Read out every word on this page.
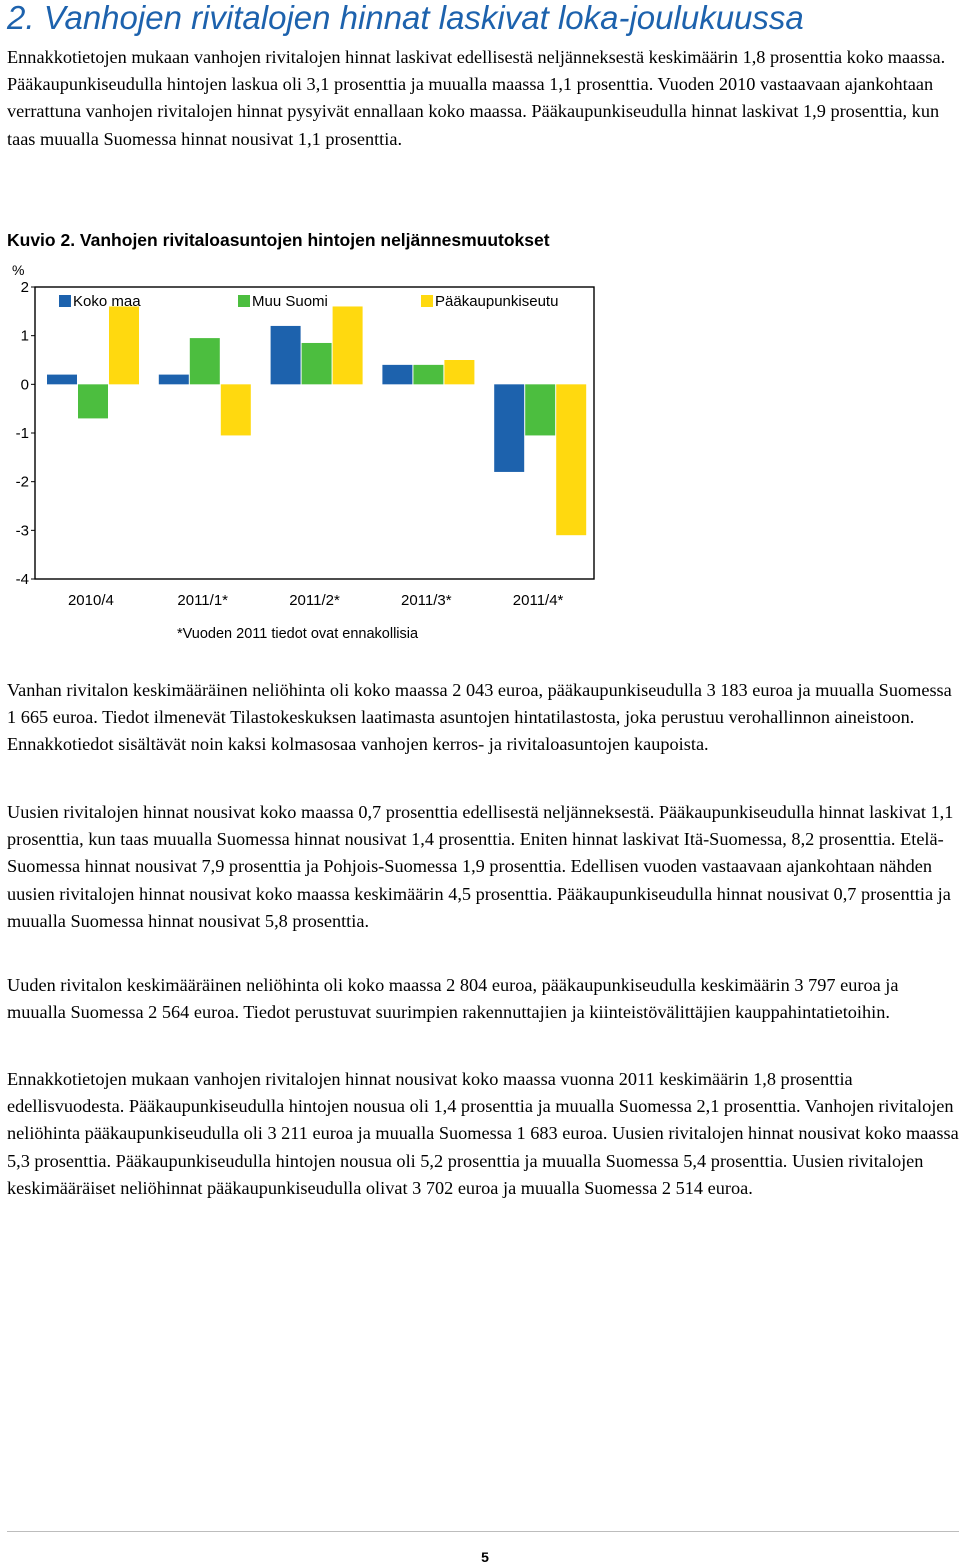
2. Vanhojen rivitalojen hinnat laskivat loka-joulukuussa

Ennakkotietojen mukaan vanhojen rivitalojen hinnat laskivat edellisestä neljänneksestä keskimäärin 1,8 prosenttia koko maassa. Pääkaupunkiseudulla hintojen laskua oli 3,1 prosenttia ja muualla maassa 1,1 prosenttia. Vuoden 2010 vastaavaan ajankohtaan verrattuna vanhojen rivitalojen hinnat pysyivät ennallaan koko maassa. Pääkaupunkiseudulla hinnat laskivat 1,9 prosenttia, kun taas muualla Suomessa hinnat nousivat 1,1 prosenttia.

Kuvio 2. Vanhojen rivitaloasuntojen hintojen neljännesmuutokset

%
2
1
0
-1
-2
-3
-4
2010/4	2011/1*	2011/2*	2011/3*	2011/4*
Koko maa	Muu Suomi	Pääkaupunkiseutu
*Vuoden 2011 tiedot ovat ennakollisia

Vanhan rivitalon keskimääräinen neliöhinta oli koko maassa 2 043 euroa, pääkaupunkiseudulla 3 183 euroa ja muualla Suomessa 1 665 euroa. Tiedot ilmenevät Tilastokeskuksen laatimasta asuntojen hintatilastosta, joka perustuu verohallinnon aineistoon. Ennakkotiedot sisältävät noin kaksi kolmasosaa vanhojen kerros- ja rivitaloasuntojen kaupoista.

Uusien rivitalojen hinnat nousivat koko maassa 0,7 prosenttia edellisestä neljänneksestä. Pääkaupunkiseudulla hinnat laskivat 1,1 prosenttia, kun taas muualla Suomessa hinnat nousivat 1,4 prosenttia. Eniten hinnat laskivat Itä-Suomessa, 8,2 prosenttia. Etelä-Suomessa hinnat nousivat 7,9 prosenttia ja Pohjois-Suomessa 1,9 prosenttia. Edellisen vuoden vastaavaan ajankohtaan nähden uusien rivitalojen hinnat nousivat koko maassa keskimäärin 4,5 prosenttia. Pääkaupunkiseudulla hinnat nousivat 0,7 prosenttia ja muualla Suomessa hinnat nousivat 5,8 prosenttia.

Uuden rivitalon keskimääräinen neliöhinta oli koko maassa 2 804 euroa, pääkaupunkiseudulla keskimäärin 3 797 euroa ja muualla Suomessa 2 564 euroa. Tiedot perustuvat suurimpien rakennuttajien ja kiinteistövälittäjien kauppahintatietoihin.

Ennakkotietojen mukaan vanhojen rivitalojen hinnat nousivat koko maassa vuonna 2011 keskimäärin 1,8 prosenttia edellisvuodesta. Pääkaupunkiseudulla hintojen nousua oli 1,4 prosenttia ja muualla Suomessa 2,1 prosenttia. Vanhojen rivitalojen neliöhinta pääkaupunkiseudulla oli 3 211 euroa ja muualla Suomessa 1 683 euroa. Uusien rivitalojen hinnat nousivat koko maassa 5,3 prosenttia. Pääkaupunkiseudulla hintojen nousua oli 5,2 prosenttia ja muualla Suomessa 5,4 prosenttia. Uusien rivitalojen keskimääräiset neliöhinnat pääkaupunkiseudulla olivat 3 702 euroa ja muualla Suomessa 2 514 euroa.

5
